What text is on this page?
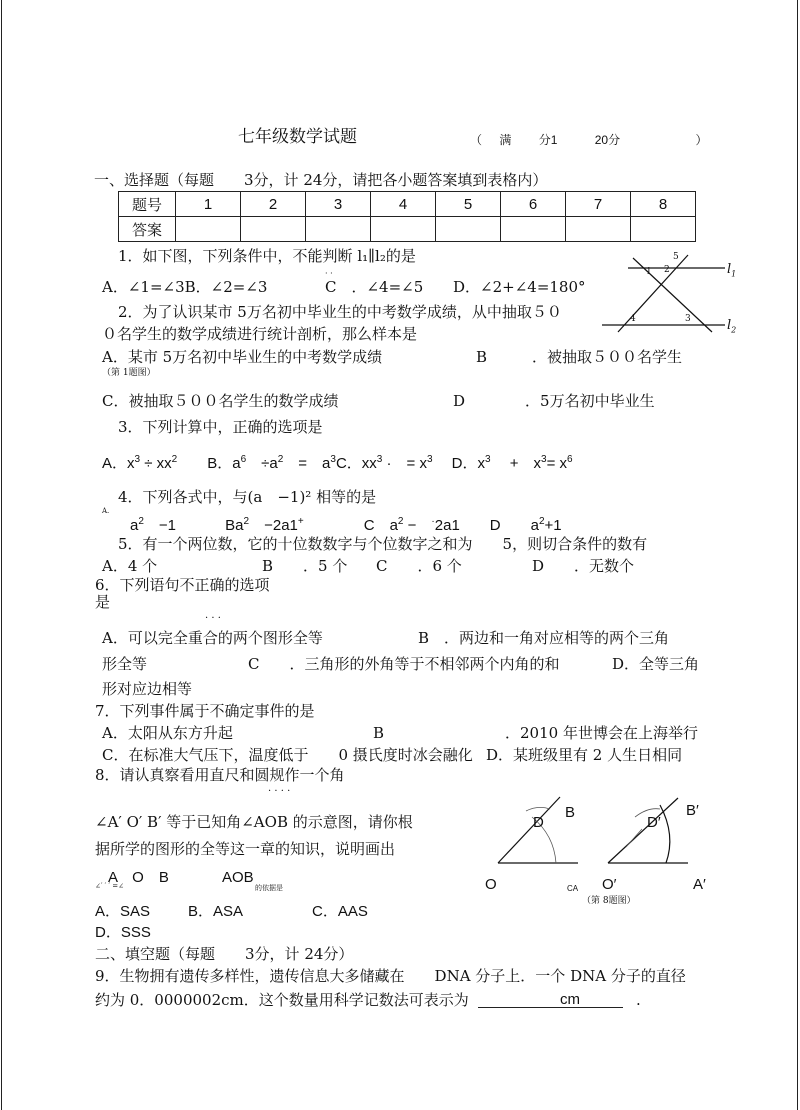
七年级数学试题	（ 满 分1	20分	）
一、选择题（每题　　3分，计 24分，请把各小题答案填到表格内）
题号	1	2	3	4	5	6	7	8
答案								
1．如下图，下列条件中，不能判断 l₁∥l₂的是
· ·
A．∠1=∠3B．∠2=∠3	C　．∠4=∠5 D．∠2+∠4=180°
5
1 2
4	3
$l_1$
$l_2$
2．为了认识某市 5万名初中毕业生的中考数学成绩，从中抽取５０
０名学生的数学成绩进行统计剖析，那么样本是
A．某市 5万名初中毕业生的中考数学成绩	B　　　．被抽取５００名学生
（第 1题图）
C．被抽取５００名学生的数学成绩	D　　　　．5万名初中毕业生
3．下列计算中，正确的选项是
A．$x^3 \div xx^2$　　B．$a^6$　$\div a^2$　=　$a^3C$．$xx^3$ ·　= $x^3$　 D．$x^3$　 +　$x^3= x^6$
4．下列各式中，与(a　−1)² 相等的是
A.
$a^2$　−1　　　 $Ba^2$　−2a1+　　　　C　$a^2$ −　·2a1　　D　　$a^2+1$
5．有一个两位数，它的十位数数字与个位数字之和为　　5，则切合条件的数有
A．4 个	B　　．5 个 C　　．6 个	D　　．无数个
6．下列语句不正确的选项
是
· · ·
A．可以完全重合的两个图形全等	B　．两边和一角对应相等的两个三角
形全等	C　　．三角形的外角等于不相邻两个内角的和	D．全等三角
形对应边相等
7．下列事件属于不确定事件的是
A．太阳从东方升起	B	．2010 年世博会在上海举行
C．在标准大气压下，温度低于　　0 摄氏度时冰会融化 D．某班级里有 2 人生日相同
8．请认真察看用直尺和圆规作一个角
· · · ·
∠A′ O′ B′ 等于已知角∠AOB 的示意图，请你根
据所学的图形的全等这一章的知识，说明画出
∠′ ′ ′ =∠
A　O　B	AOB
的依据是
A．SAS	B．ASA	C．AAS
D．SSS
B
D
O	CA
B′
D′
O′	A′
（第 8题图）
二、填空题（每题　　3分，计 24分）
9．生物拥有遗传多样性，遗传信息大多储藏在　　DNA 分子上．一个 DNA 分子的直径
约为 0．0000002cm．这个数量用科学记数法可表示为	cm	.
